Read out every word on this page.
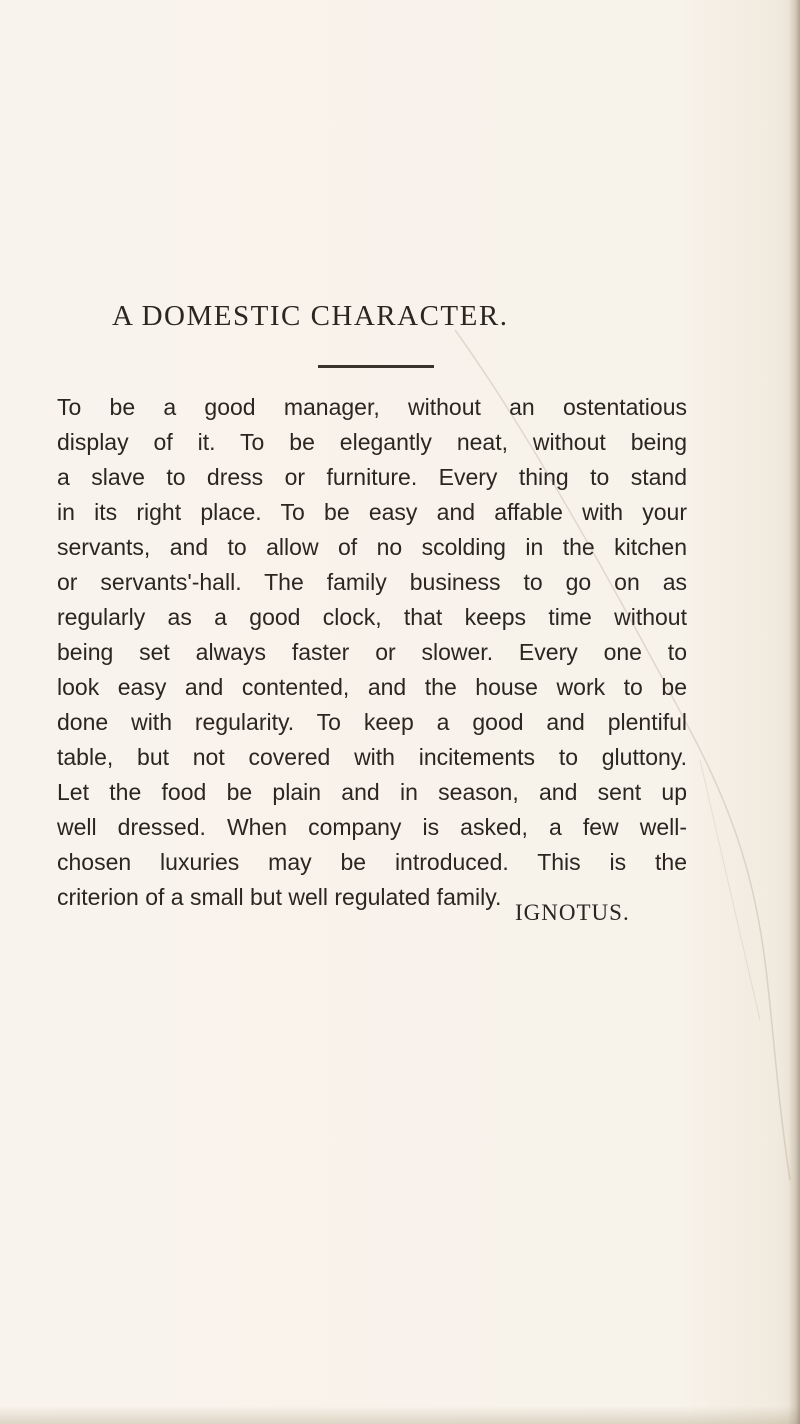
A DOMESTIC CHARACTER.

To be a good manager, without an ostentatious
display of it. To be elegantly neat, without being
a slave to dress or furniture. Every thing to stand
in its right place. To be easy and affable with your
servants, and to allow of no scolding in the kitchen
or servants'-hall. The family business to go on as
regularly as a good clock, that keeps time without
being set always faster or slower. Every one to
look easy and contented, and the house work to be
done with regularity. To keep a good and plentiful
table, but not covered with incitements to gluttony.
Let the food be plain and in season, and sent up
well dressed. When company is asked, a few well-
chosen luxuries may be introduced. This is the
criterion of a small but well regulated family.

IGNOTUS.
